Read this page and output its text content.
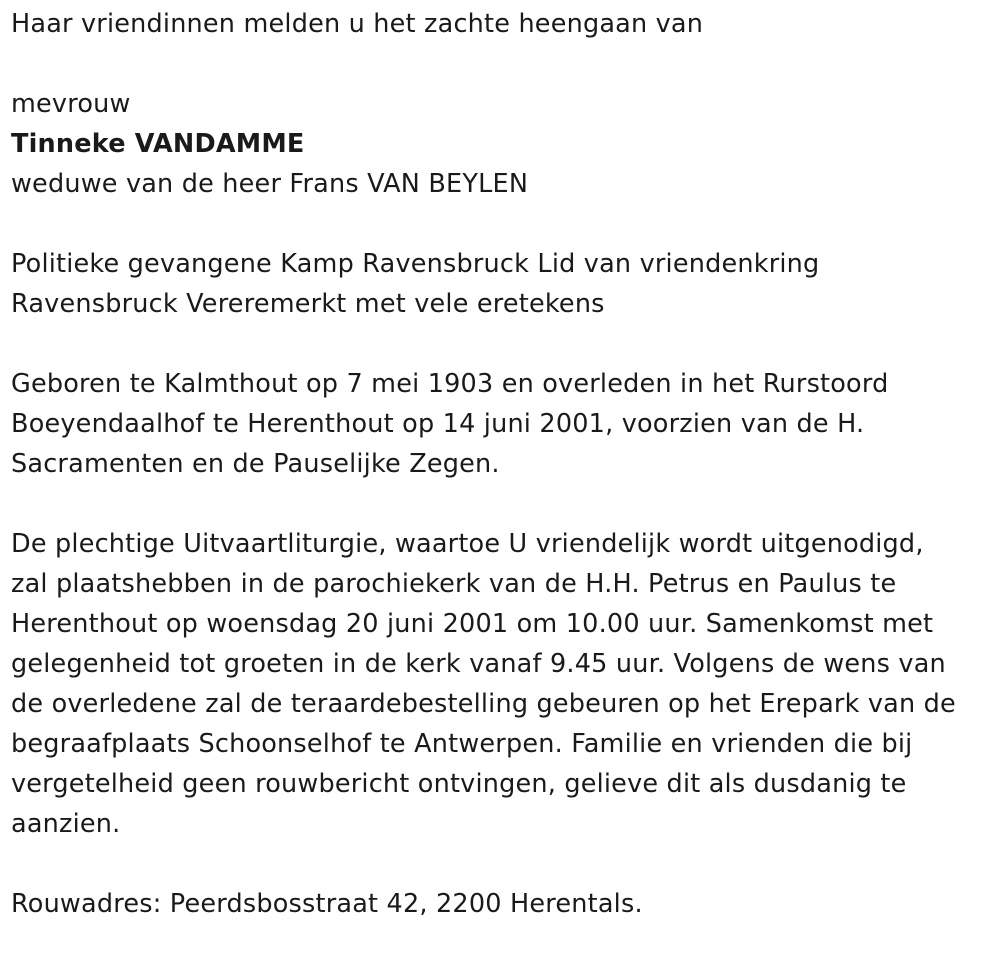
Haar vriendinnen melden u het zachte heengaan van
mevrouw
Tinneke VANDAMME
weduwe van de heer Frans VAN BEYLEN
Politieke gevangene Kamp Ravensbruck Lid van vriendenkring
Ravensbruck Vereremerkt met vele eretekens
Geboren te Kalmthout op 7 mei 1903 en overleden in het Rurstoord
Boeyendaalhof te Herenthout op 14 juni 2001, voorzien van de H.
Sacramenten en de Pauselijke Zegen.
De plechtige Uitvaartliturgie, waartoe U vriendelijk wordt uitgenodigd,
zal plaatshebben in de parochiekerk van de H.H. Petrus en Paulus te
Herenthout op woensdag 20 juni 2001 om 10.00 uur. Samenkomst met
gelegenheid tot groeten in de kerk vanaf 9.45 uur. Volgens de wens van
de overledene zal de teraardebestelling gebeuren op het Erepark van de
begraafplaats Schoonselhof te Antwerpen. Familie en vrienden die bij
vergetelheid geen rouwbericht ontvingen, gelieve dit als dusdanig te
aanzien.
Rouwadres: Peerdsbosstraat 42, 2200 Herentals.
